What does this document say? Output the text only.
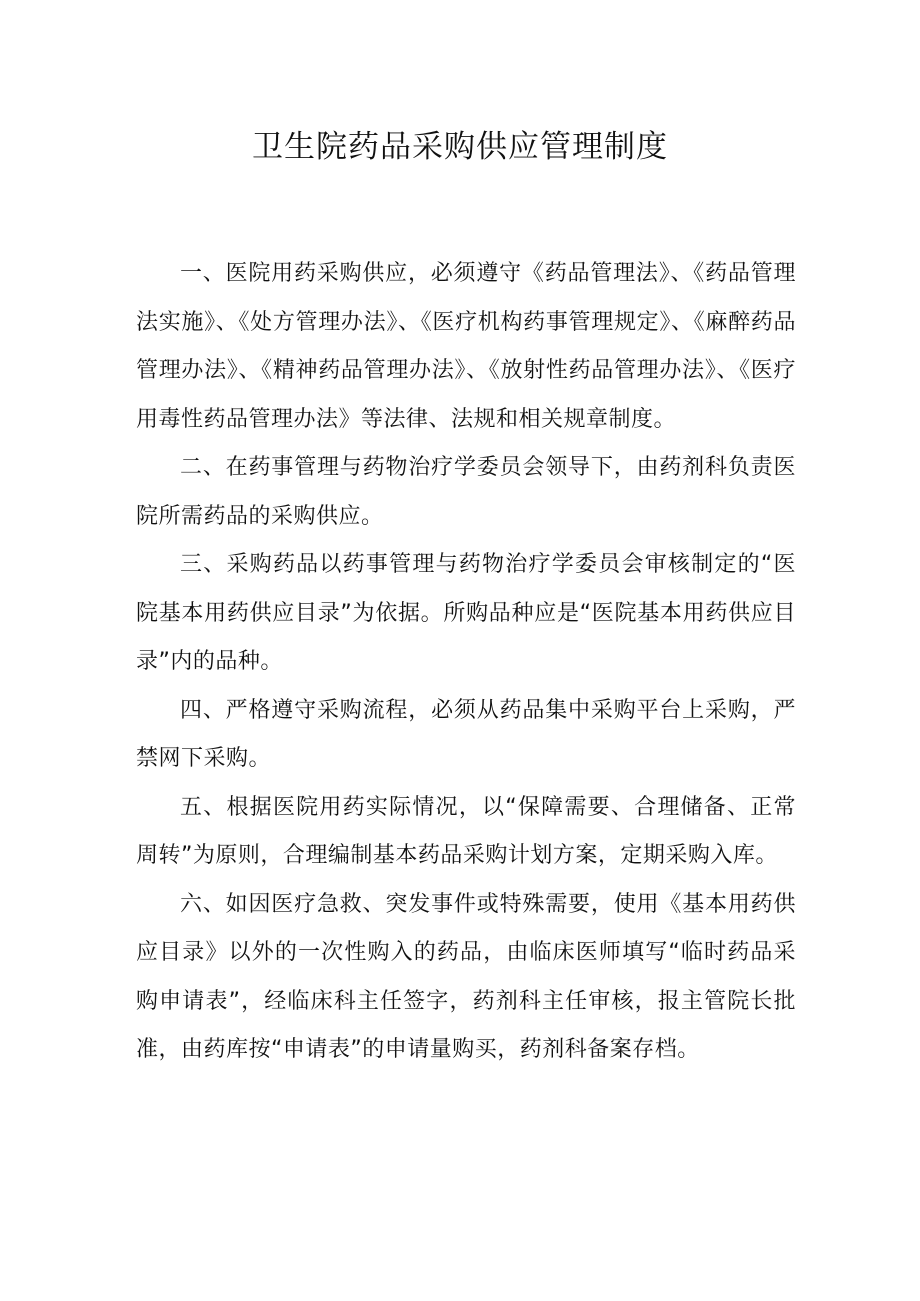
卫生院药品采购供应管理制度

一、医院用药采购供应，必须遵守《药品管理法》、《药品管理法实施》、《处方管理办法》、《医疗机构药事管理规定》、《麻醉药品管理办法》、《精神药品管理办法》、《放射性药品管理办法》、《医疗用毒性药品管理办法》等法律、法规和相关规章制度。

二、在药事管理与药物治疗学委员会领导下，由药剂科负责医院所需药品的采购供应。

三、采购药品以药事管理与药物治疗学委员会审核制定的“医院基本用药供应目录”为依据。所购品种应是“医院基本用药供应目录”内的品种。

四、严格遵守采购流程，必须从药品集中采购平台上采购，严禁网下采购。

五、根据医院用药实际情况，以“保障需要、合理储备、正常周转”为原则，合理编制基本药品采购计划方案，定期采购入库。

六、如因医疗急救、突发事件或特殊需要，使用《基本用药供应目录》以外的一次性购入的药品，由临床医师填写“临时药品采购申请表”，经临床科主任签字，药剂科主任审核，报主管院长批准，由药库按“申请表”的申请量购买，药剂科备案存档。
